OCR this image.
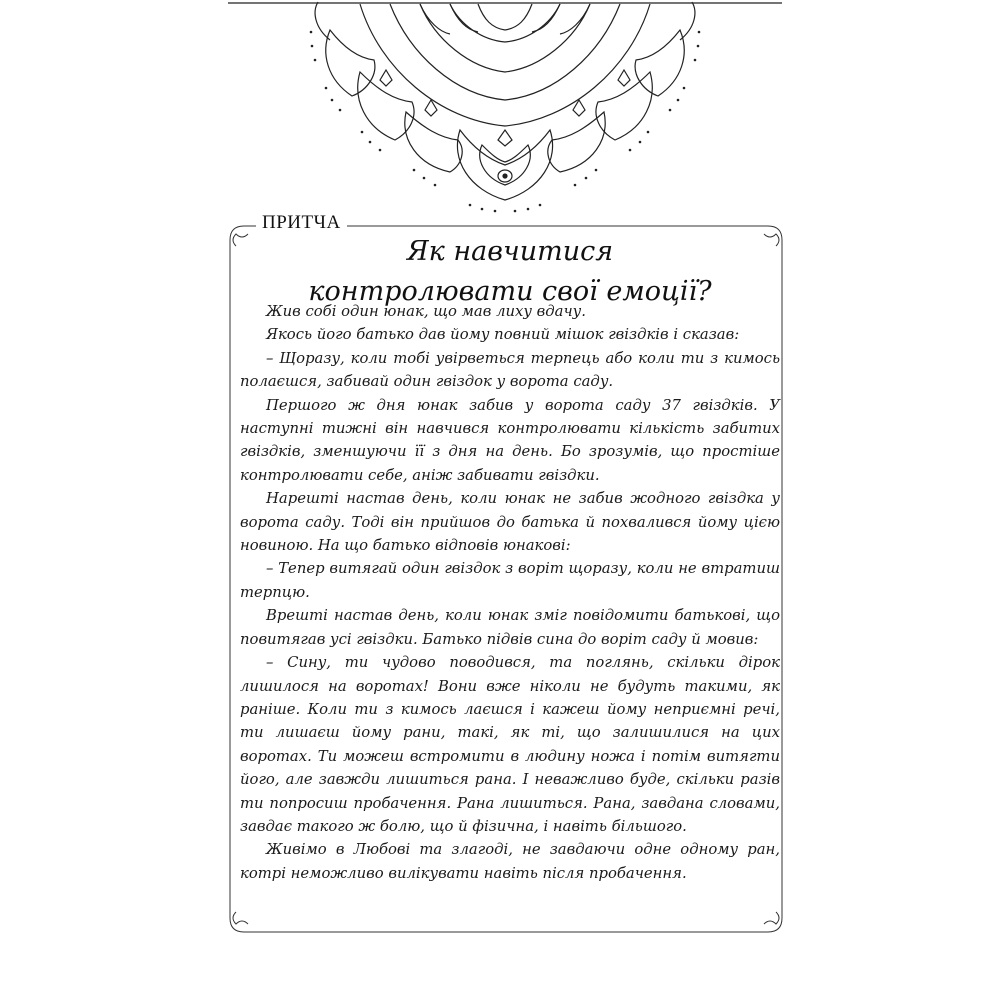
ПРИТЧА
Як навчитися
контролювати свої емоції?

Жив собі один юнак, що мав лиху вдачу.

Якось його батько дав йому повний мішок гвіздків і сказав:

– Щоразу, коли тобі увірветься терпець або коли ти з кимось полаєшся, забивай один гвіздок у ворота саду.

Першого ж дня юнак забив у ворота саду 37 гвіздків. У наступні тижні він навчився контролювати кількість забитих гвіздків, зменшуючи її з дня на день. Бо зрозумів, що простіше контролювати себе, аніж забивати гвіздки.

Нарешті настав день, коли юнак не забив жодного гвіздка у ворота саду. Тоді він прийшов до батька й похвалився йому цією новиною. На що батько відповів юнакові:

– Тепер витягай один гвіздок з воріт щоразу, коли не втратиш терпцю.

Врешті настав день, коли юнак зміг повідомити батькові, що повитягав усі гвіздки. Батько підвів сина до воріт саду й мовив:

– Сину, ти чудово поводився, та поглянь, скільки дірок лишилося на воротах! Вони вже ніколи не будуть такими, як раніше. Коли ти з кимось лаєшся і кажеш йому неприємні речі, ти лишаєш йому рани, такі, як ті, що залишилися на цих воротах. Ти можеш встромити в людину ножа і потім витягти його, але завжди лишиться рана. І неважливо буде, скільки разів ти попросиш пробачення. Рана лишиться. Рана, завдана словами, завдає такого ж болю, що й фізична, і навіть більшого.

Живімо в Любові та злагоді, не завдаючи одне одному ран, котрі неможливо вилікувати навіть після пробачення.
